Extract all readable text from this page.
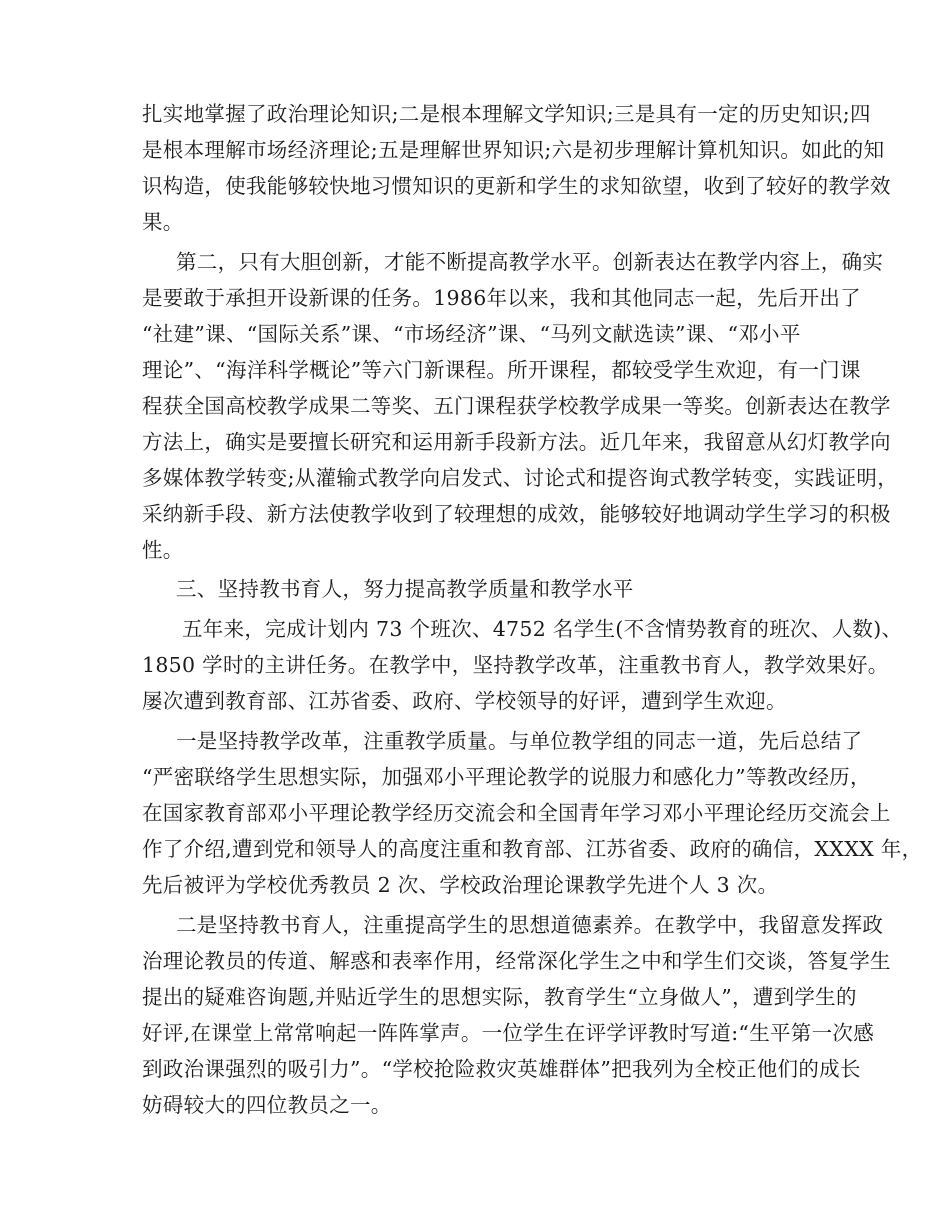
扎实地掌握了政治理论知识;二是根本理解文学知识;三是具有一定的历史知识;四
是根本理解市场经济理论;五是理解世界知识;六是初步理解计算机知识。如此的知
识构造，使我能够较快地习惯知识的更新和学生的求知欲望，收到了较好的教学效
果。
第二，只有大胆创新，才能不断提高教学水平。创新表达在教学内容上，确实
是要敢于承担开设新课的任务。1986年以来，我和其他同志一起，先后开出了
“社建”课、“国际关系”课、“市场经济”课、“马列文献选读”课、“邓小平
理论”、“海洋科学概论”等六门新课程。所开课程，都较受学生欢迎，有一门课
程获全国高校教学成果二等奖、五门课程获学校教学成果一等奖。创新表达在教学
方法上，确实是要擅长研究和运用新手段新方法。近几年来，我留意从幻灯教学向
多媒体教学转变;从灌输式教学向启发式、讨论式和提咨询式教学转变，实践证明，
采纳新手段、新方法使教学收到了较理想的成效，能够较好地调动学生学习的积极
性。
三、坚持教书育人，努力提高教学质量和教学水平
五年来，完成计划内 73 个班次、4752 名学生(不含情势教育的班次、人数)、
1850 学时的主讲任务。在教学中，坚持教学改革，注重教书育人，教学效果好。
屡次遭到教育部、江苏省委、政府、学校领导的好评，遭到学生欢迎。
一是坚持教学改革，注重教学质量。与单位教学组的同志一道，先后总结了
“严密联络学生思想实际，加强邓小平理论教学的说服力和感化力”等教改经历，
在国家教育部邓小平理论教学经历交流会和全国青年学习邓小平理论经历交流会上
作了介绍,遭到党和领导人的高度注重和教育部、江苏省委、政府的确信，XXXX 年，
先后被评为学校优秀教员 2 次、学校政治理论课教学先进个人 3 次。
二是坚持教书育人，注重提高学生的思想道德素养。在教学中，我留意发挥政
治理论教员的传道、解惑和表率作用，经常深化学生之中和学生们交谈，答复学生
提出的疑难咨询题,并贴近学生的思想实际，教育学生“立身做人”，遭到学生的
好评,在课堂上常常响起一阵阵掌声。一位学生在评学评教时写道:“生平第一次感
到政治课强烈的吸引力”。“学校抢险救灾英雄群体”把我列为全校正他们的成长
妨碍较大的四位教员之一。
